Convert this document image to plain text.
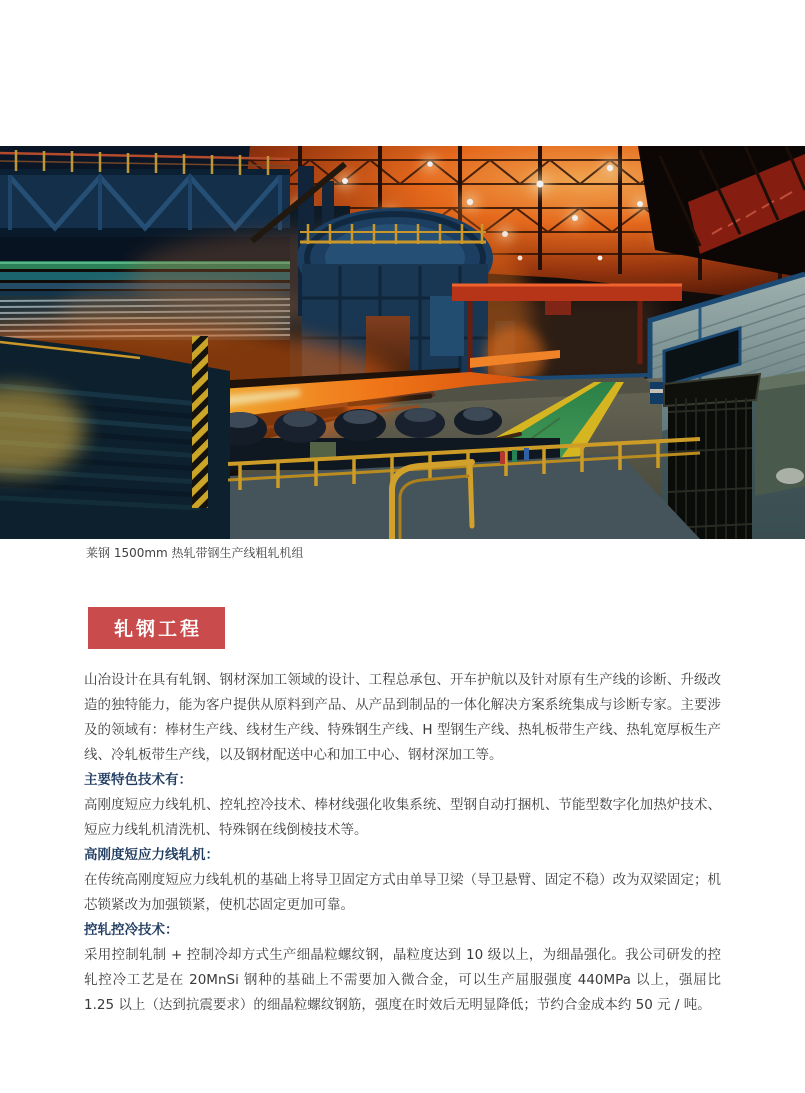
莱钢 1500mm 热轧带钢生产线粗轧机组
轧钢工程

山冶设计在具有轧钢、钢材深加工领域的设计、工程总承包、开车护航以及针对原有生产线的诊断、升级改造的独特能力，能为客户提供从原料到产品、从产品到制品的一体化解决方案系统集成与诊断专家。主要涉及的领域有：棒材生产线、线材生产线、特殊钢生产线、H 型钢生产线、热轧板带生产线、热轧宽厚板生产线、冷轧板带生产线，以及钢材配送中心和加工中心、钢材深加工等。

主要特色技术有：

高刚度短应力线轧机、控轧控冷技术、棒材线强化收集系统、型钢自动打捆机、节能型数字化加热炉技术、短应力线轧机清洗机、特殊钢在线倒棱技术等。

高刚度短应力线轧机：

在传统高刚度短应力线轧机的基础上将导卫固定方式由单导卫梁（导卫悬臂、固定不稳）改为双梁固定；机芯锁紧改为加强锁紧，使机芯固定更加可靠。

控轧控冷技术：

采用控制轧制 + 控制冷却方式生产细晶粒螺纹钢，晶粒度达到 10 级以上，为细晶强化。我公司研发的控轧控冷工艺是在 20MnSi 钢种的基础上不需要加入微合金，可以生产屈服强度 440MPa 以上，强屈比 1.25 以上（达到抗震要求）的细晶粒螺纹钢筋，强度在时效后无明显降低；节约合金成本约 50 元 / 吨。
